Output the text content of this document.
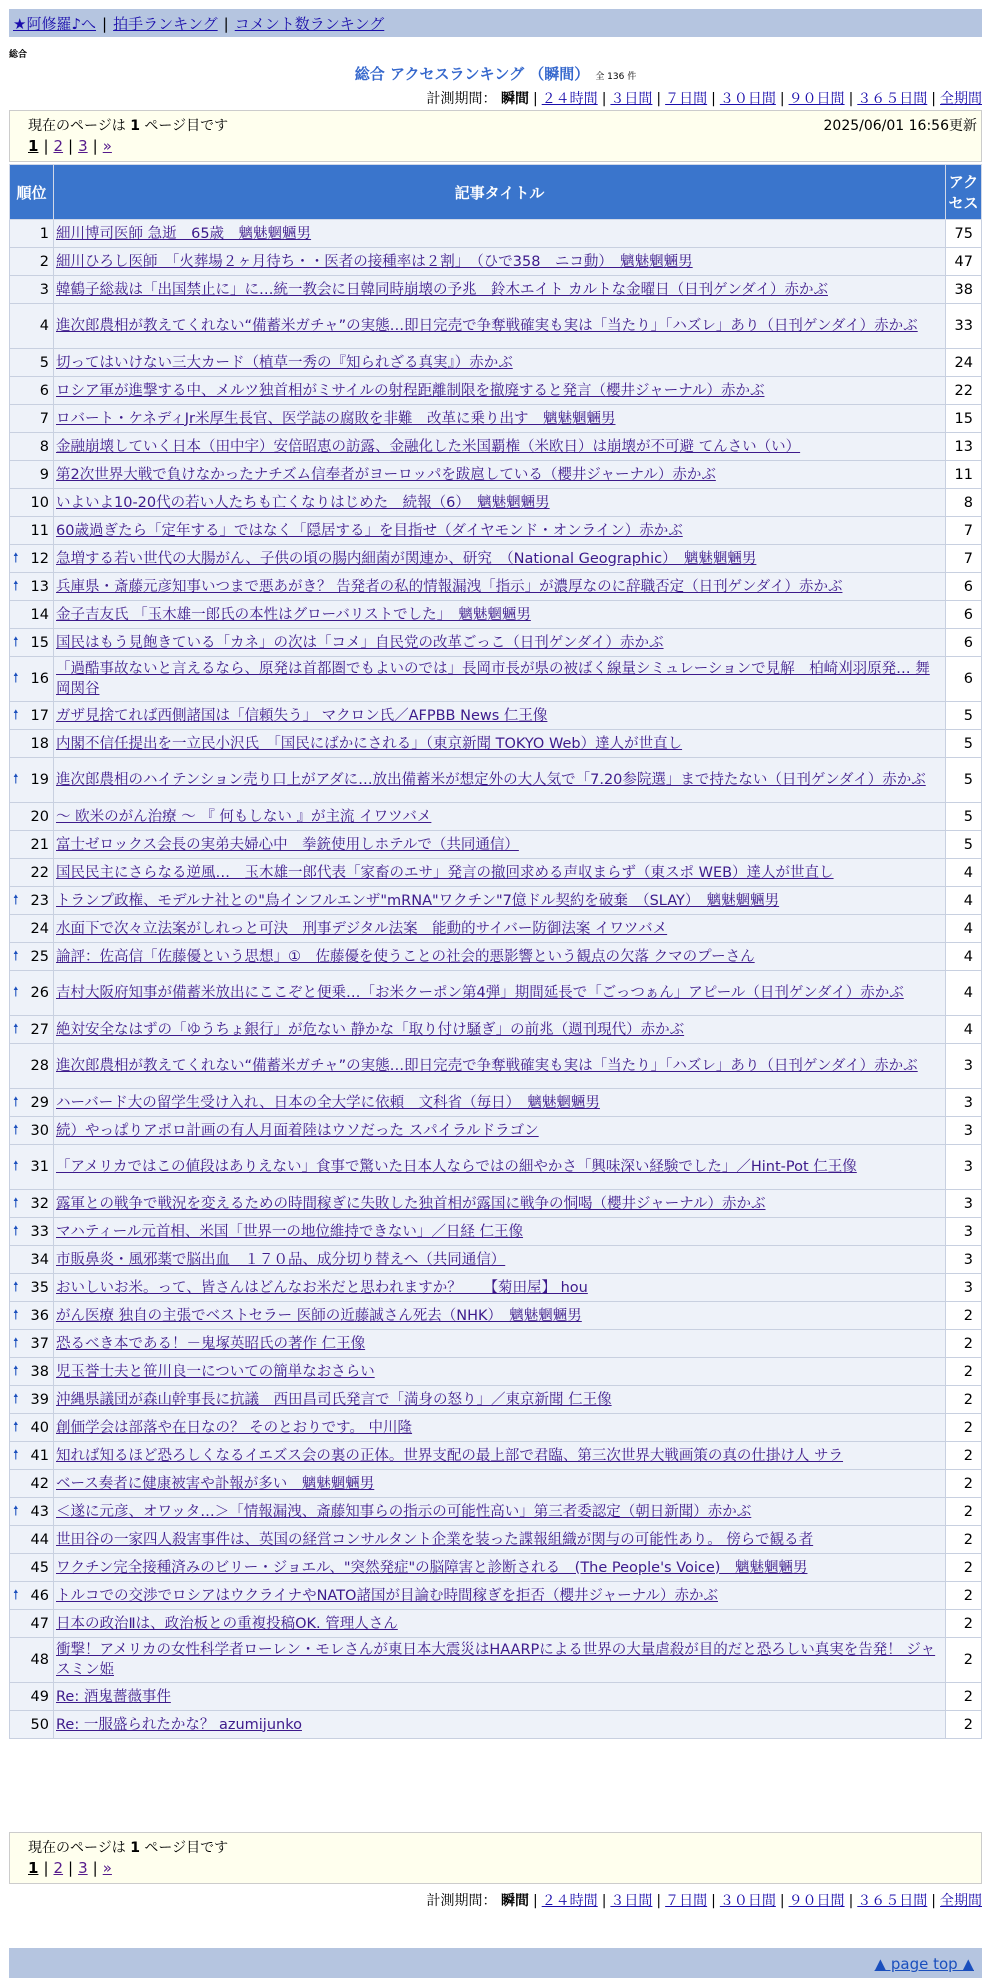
★阿修羅♪へ | 拍手ランキング | コメント数ランキング
総合
総合 アクセスランキング （瞬間） 全 136 件
計測期間： 瞬間 | ２４時間 | ３日間 | ７日間 | ３０日間 | ９０日間 | ３６５日間 | 全期間
現在のページは 1 ページ目です	2025/06/01 16:56更新
1 | 2 | 3 | »
順位	記事タイトル	アクセス
1	細川博司医師 急逝　65歳　魑魅魍魎男	75
2	細川ひろし医師　「火葬場２ヶ月待ち・・医者の接種率は２割」　（ひで358　ニコ動）　魑魅魍魎男	47
3	韓鶴子総裁は「出国禁止に」に…統一教会に日韓同時崩壊の予兆　鈴木エイト カルトな金曜日（日刊ゲンダイ）赤かぶ	38
4	進次郎農相が教えてくれない“備蓄米ガチャ”の実態…即日完売で争奪戦確実も実は「当たり」「ハズレ」あり（日刊ゲンダイ）赤かぶ	33
5	切ってはいけない三大カード（植草一秀の『知られざる真実』）赤かぶ	24
6	ロシア軍が進撃する中、メルツ独首相がミサイルの射程距離制限を撤廃すると発言（櫻井ジャーナル）赤かぶ	22
7	ロバート・ケネディJr米厚生長官、医学誌の腐敗を非難　改革に乗り出す　魑魅魍魎男	15
8	金融崩壊していく日本（田中宇）安倍昭恵の訪露、金融化した米国覇権（米欧日）は崩壊が不可避 てんさい（い）	13
9	第2次世界大戦で負けなかったナチズム信奉者がヨーロッパを跋扈している（櫻井ジャーナル）赤かぶ	11
10	いよいよ10-20代の若い人たちも亡くなりはじめた　続報（6）　魑魅魍魎男	8
11	60歳過ぎたら「定年する」ではなく「隠居する」を目指せ（ダイヤモンド・オンライン）赤かぶ	7

🠕 12	急増する若い世代の大腸がん、子供の頃の腸内細菌が関連か、研究　（National Geographic）　魑魅魍魎男	7

🠕 13	兵庫県・斎藤元彦知事いつまで悪あがき？ 告発者の私的情報漏洩「指示」が濃厚なのに辞職否定（日刊ゲンダイ）赤かぶ	6
14	金子吉友氏 「玉木雄一郎氏の本性はグローバリストでした」　魑魅魍魎男	6

🠕 15	国民はもう見飽きている「カネ」の次は「コメ」自民党の改革ごっこ（日刊ゲンダイ）赤かぶ	6

🠕 16	「過酷事故ないと言えるなら、原発は首都圏でもよいのでは」長岡市長が県の被ばく線量シミュレーションで見解　柏崎刈羽原発… 舞岡関谷	6

🠕 17	ガザ見捨てれば西側諸国は「信頼失う」 マクロン氏／AFPBB News 仁王像	5
18	内閣不信任提出を一立民小沢氏　「国民にばかにされる」（東京新聞 TOKYO Web）達人が世直し	5

🠕 19	進次郎農相のハイテンション売り口上がアダに…放出備蓄米が想定外の大人気で「7.20参院選」まで持たない（日刊ゲンダイ）赤かぶ	5
20	～ 欧米のがん治療 ～ 『 何もしない 』が主流 イワツバメ	5
21	富士ゼロックス会長の実弟夫婦心中　拳銃使用しホテルで（共同通信）	5
22	国民民主にさらなる逆風…　玉木雄一郎代表「家畜のエサ」発言の撤回求める声収まらず（東スポ WEB）達人が世直し	4

🠕 23	トランプ政権、モデルナ社との"鳥インフルエンザ"mRNA"ワクチン"7億ドル契約を破棄　（SLAY）　魑魅魍魎男	4
24	水面下で次々立法案がしれっと可決　刑事デジタル法案　能動的サイバー防御法案 イワツバメ	4

🠕 25	論評：佐高信「佐藤優という思想」①　佐藤優を使うことの社会的悪影響という観点の欠落 クマのプーさん	4

🠕 26	吉村大阪府知事が備蓄米放出にここぞと便乗…「お米クーポン第4弾」期間延長で「ごっつぁん」アピール（日刊ゲンダイ）赤かぶ	4

🠕 27	絶対安全なはずの「ゆうちょ銀行」が危ない 静かな「取り付け騒ぎ」の前兆（週刊現代）赤かぶ	4
28	進次郎農相が教えてくれない“備蓄米ガチャ”の実態…即日完売で争奪戦確実も実は「当たり」「ハズレ」あり（日刊ゲンダイ）赤かぶ	3

🠕 29	ハーバード大の留学生受け入れ、日本の全大学に依頼　文科省（毎日）　魑魅魍魎男	3

🠕 30	続）やっぱりアポロ計画の有人月面着陸はウソだった スパイラルドラゴン	3

🠕 31	「アメリカではこの値段はありえない」食事で驚いた日本人ならではの細やかさ「興味深い経験でした」／Hint-Pot 仁王像	3

🠕 32	露軍との戦争で戦況を変えるための時間稼ぎに失敗した独首相が露国に戦争の恫喝（櫻井ジャーナル）赤かぶ	3

🠕 33	マハティール元首相、米国「世界一の地位維持できない」／日経 仁王像	3
34	市販鼻炎・風邪薬で脳出血　１７０品、成分切り替えへ（共同通信）	3

🠕 35	おいしいお米。って、皆さんはどんなお米だと思われますか？　　【菊田屋】 hou	3

🠕 36	がん医療 独自の主張でベストセラー 医師の近藤誠さん死去（NHK）　魑魅魍魎男	2

🠕 37	恐るべき本である！－鬼塚英昭氏の著作 仁王像	2

🠕 38	児玉誉士夫と笹川良一についての簡単なおさらい	2

🠕 39	沖縄県議団が森山幹事長に抗議　西田昌司氏発言で「満身の怒り」／東京新聞 仁王像	2

🠕 40	創価学会は部落や在日なの？ そのとおりです。 中川隆	2

🠕 41	知れば知るほど恐ろしくなるイエズス会の裏の正体。世界支配の最上部で君臨、第三次世界大戦画策の真の仕掛け人 サラ	2
42	ベース奏者に健康被害や訃報が多い　魑魅魍魎男	2

🠕 43	＜遂に元彦、オワッタ…＞「情報漏洩、斎藤知事らの指示の可能性高い」第三者委認定（朝日新聞）赤かぶ	2
44	世田谷の一家四人殺害事件は、英国の経営コンサルタント企業を装った諜報組織が関与の可能性あり。 傍らで観る者	2
45	ワクチン完全接種済みのビリー・ジョエル、"突然発症"の脳障害と診断される　(The People's Voice)　魑魅魍魎男	2

🠕 46	トルコでの交渉でロシアはウクライナやNATO諸国が目論む時間稼ぎを拒否（櫻井ジャーナル）赤かぶ	2
47	日本の政治Ⅱは、政治板との重複投稿OK. 管理人さん	2
48	衝撃！アメリカの女性科学者ローレン・モレさんが東日本大震災はHAARPによる世界の大量虐殺が目的だと恐ろしい真実を告発！ ジャスミン姫	2
49	Re: 酒鬼薔薇事件	2
50	Re: 一服盛られたかな？ azumijunko	2
現在のページは 1 ページ目です
1 | 2 | 3 | »
計測期間： 瞬間 | ２４時間 | ３日間 | ７日間 | ３０日間 | ９０日間 | ３６５日間 | 全期間
▲ page top ▲
